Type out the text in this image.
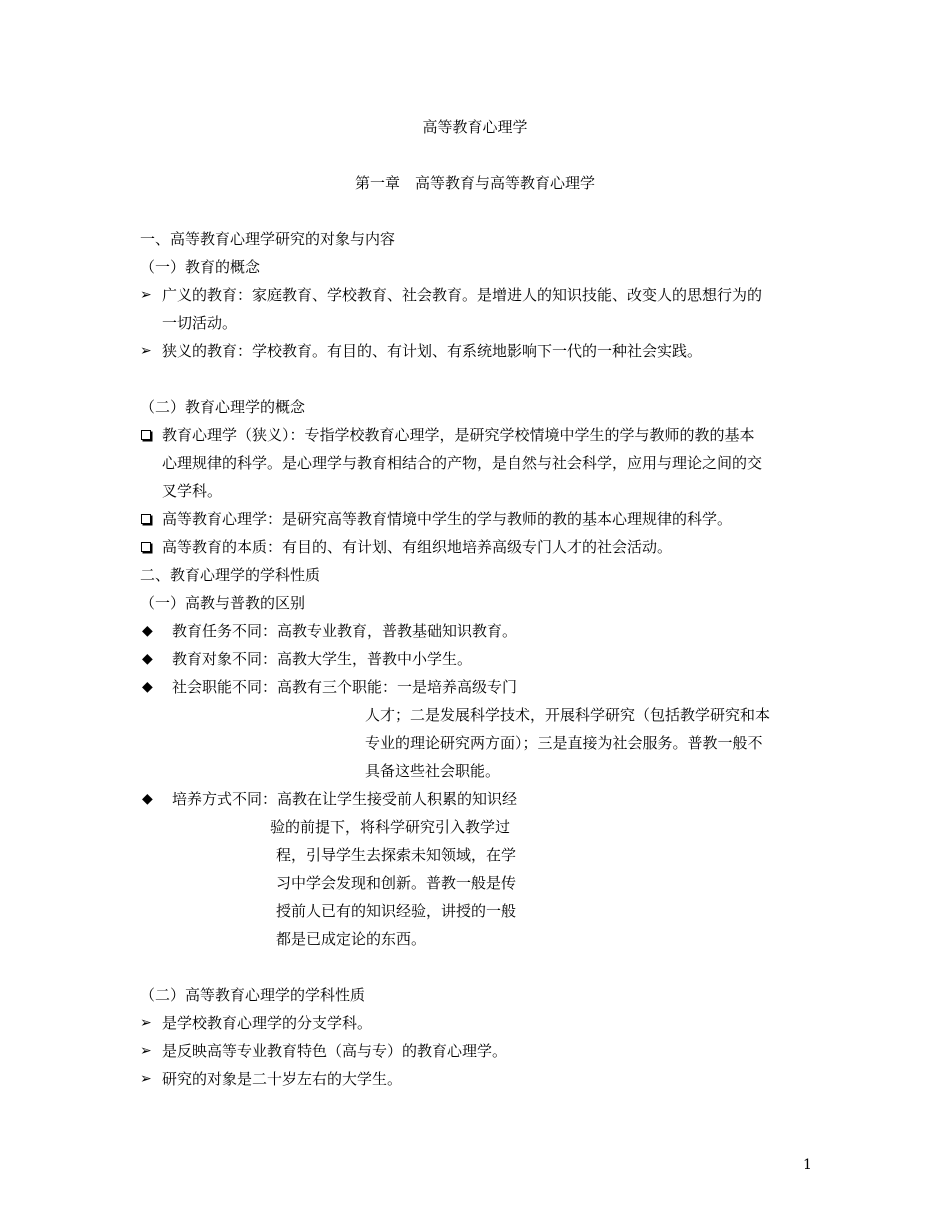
高等教育心理学
第一章　高等教育与高等教育心理学
一、高等教育心理学研究的对象与内容
（一）教育的概念
➢ 广义的教育：家庭教育、学校教育、社会教育。是增进人的知识技能、改变人的思想行为的
一切活动。
➢ 狭义的教育：学校教育。有目的、有计划、有系统地影响下一代的一种社会实践。
（二）教育心理学的概念
教育心理学（狭义）：专指学校教育心理学，是研究学校情境中学生的学与教师的教的基本
心理规律的科学。是心理学与教育相结合的产物，是自然与社会科学，应用与理论之间的交
叉学科。
高等教育心理学：是研究高等教育情境中学生的学与教师的教的基本心理规律的科学。
高等教育的本质：有目的、有计划、有组织地培养高级专门人才的社会活动。
二、教育心理学的学科性质
（一）高教与普教的区别
◆ 教育任务不同：高教专业教育，普教基础知识教育。
◆ 教育对象不同：高教大学生，普教中小学生。
◆ 社会职能不同：高教有三个职能：一是培养高级专门
人才；二是发展科学技术，开展科学研究（包括教学研究和本
专业的理论研究两方面）；三是直接为社会服务。普教一般不
具备这些社会职能。
◆ 培养方式不同：高教在让学生接受前人积累的知识经
验的前提下，将科学研究引入教学过
程，引导学生去探索未知领域，在学
习中学会发现和创新。普教一般是传
授前人已有的知识经验，讲授的一般
都是已成定论的东西。
（二）高等教育心理学的学科性质
➢ 是学校教育心理学的分支学科。
➢ 是反映高等专业教育特色（高与专）的教育心理学。
➢ 研究的对象是二十岁左右的大学生。
1
